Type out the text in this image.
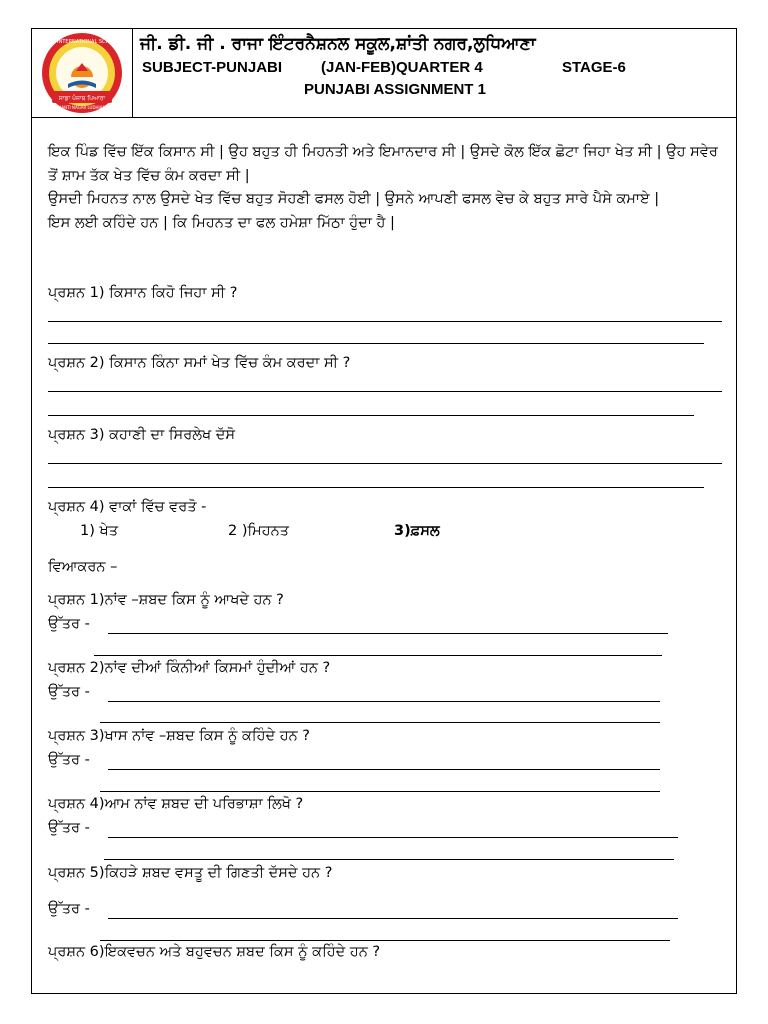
RAJA INTERNATIONAL SCHOOL
SHANTI NAGAR LUDHIANA
ਸਾਡਾ ਪੰਜਾਬ ਪਿਆਰਾ
ਜੀ. ਡੀ. ਜੀ . ਰਾਜਾ ਇੰਟਰਨੈਸ਼ਨਲ ਸਕੂਲ,ਸ਼ਾਂਤੀ ਨਗਰ,ਲੁਧਿਆਣਾ
SUBJECT-PUNJABI	(JAN-FEB)QUARTER 4	STAGE-6
PUNJABI ASSIGNMENT 1
ਇਕ ਪਿੰਡ ਵਿੱਚ ਇੱਕ ਕਿਸਾਨ ਸੀ | ਉਹ ਬਹੁਤ ਹੀ ਮਿਹਨਤੀ ਅਤੇ ਇਮਾਨਦਾਰ ਸੀ | ਉਸਦੇ ਕੋਲ ਇੱਕ ਛੋਟਾ ਜਿਹਾ ਖੇਤ ਸੀ | ਉਹ ਸਵੇਰ ਤੋਂ ਸ਼ਾਮ ਤੱਕ ਖੇਤ ਵਿੱਚ ਕੰਮ ਕਰਦਾ ਸੀ |
ਉਸਦੀ ਮਿਹਨਤ ਨਾਲ ਉਸਦੇ ਖੇਤ ਵਿੱਚ ਬਹੁਤ ਸੋਹਣੀ ਫਸਲ ਹੋਈ | ਉਸਨੇ ਆਪਣੀ ਫਸਲ ਵੇਚ ਕੇ ਬਹੁਤ ਸਾਰੇ ਪੈਸੇ ਕਮਾਏ |
ਇਸ ਲਈ ਕਹਿੰਦੇ ਹਨ | ਕਿ ਮਿਹਨਤ ਦਾ ਫਲ ਹਮੇਸ਼ਾ ਮਿੱਠਾ ਹੁੰਦਾ ਹੈ |
ਪ੍ਰਸ਼ਨ 1) ਕਿਸਾਨ ਕਿਹੋ ਜਿਹਾ ਸੀ ?
ਪ੍ਰਸ਼ਨ 2) ਕਿਸਾਨ ਕਿੰਨਾ ਸਮਾਂ ਖੇਤ ਵਿੱਚ ਕੰਮ ਕਰਦਾ ਸੀ ?
ਪ੍ਰਸ਼ਨ 3) ਕਹਾਣੀ ਦਾ ਸਿਰਲੇਖ ਦੱਸੋ
ਪ੍ਰਸ਼ਨ 4) ਵਾਕਾਂ ਵਿੱਚ ਵਰਤੋ -
1) ਖੇਤ	2 )ਮਿਹਨਤ	3)ਫ਼ਸਲ
ਵਿਆਕਰਨ –
ਪ੍ਰਸ਼ਨ 1)ਨਾਂਵ –ਸ਼ਬਦ ਕਿਸ ਨੂੰ ਆਖਦੇ ਹਨ ?
ਉੱਤਰ -
ਪ੍ਰਸ਼ਨ 2)ਨਾਂਵ ਦੀਆਂ ਕਿੰਨੀਆਂ ਕਿਸਮਾਂ ਹੁੰਦੀਆਂ ਹਨ ?
ਉੱਤਰ -
ਪ੍ਰਸ਼ਨ 3)ਖਾਸ ਨਾਂਵ –ਸ਼ਬਦ ਕਿਸ ਨੂੰ ਕਹਿੰਦੇ ਹਨ ?
ਉੱਤਰ -
ਪ੍ਰਸ਼ਨ 4)ਆਮ ਨਾਂਵ ਸ਼ਬਦ ਦੀ ਪਰਿਭਾਸ਼ਾ ਲਿਖੋ ?
ਉੱਤਰ -
ਪ੍ਰਸ਼ਨ 5)ਕਿਹੜੇ ਸ਼ਬਦ ਵਸਤੂ ਦੀ ਗਿਣਤੀ ਦੱਸਦੇ ਹਨ ?
ਉੱਤਰ -
ਪ੍ਰਸ਼ਨ 6)ਇਕਵਚਨ ਅਤੇ ਬਹੁਵਚਨ ਸ਼ਬਦ ਕਿਸ ਨੂੰ ਕਹਿੰਦੇ ਹਨ ?
